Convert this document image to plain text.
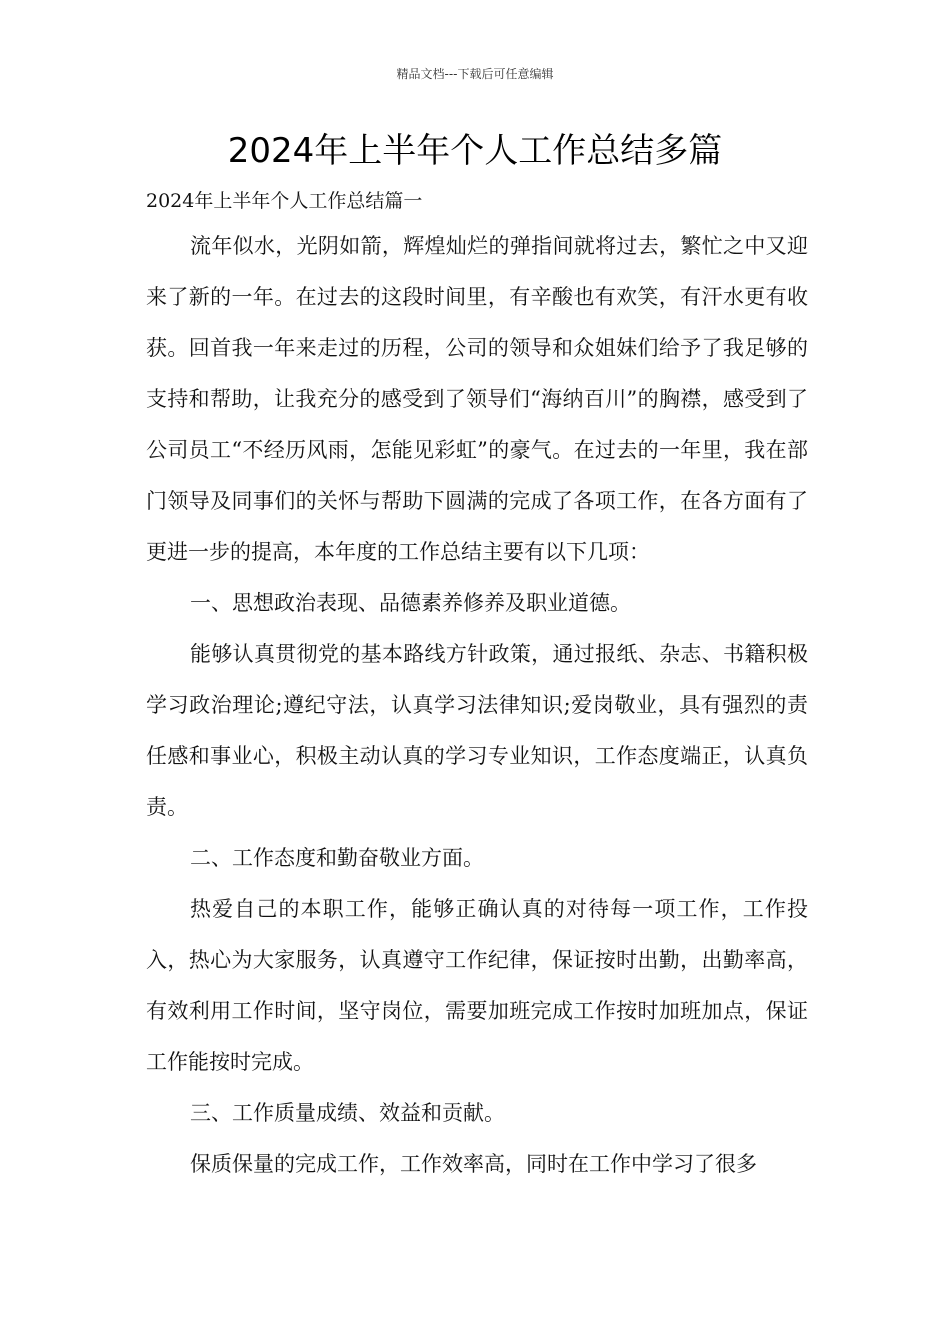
精品文档---下载后可任意编辑
2024年上半年个人工作总结多篇

2024年上半年个人工作总结篇一

流年似水，光阴如箭，辉煌灿烂的弹指间就将过去，繁忙之中又迎来了新的一年。在过去的这段时间里，有辛酸也有欢笑，有汗水更有收获。回首我一年来走过的历程，公司的领导和众姐妹们给予了我足够的支持和帮助，让我充分的感受到了领导们“海纳百川”的胸襟，感受到了公司员工“不经历风雨，怎能见彩虹”的豪气。在过去的一年里，我在部门领导及同事们的关怀与帮助下圆满的完成了各项工作，在各方面有了更进一步的提高，本年度的工作总结主要有以下几项：

一、思想政治表现、品德素养修养及职业道德。

能够认真贯彻党的基本路线方针政策，通过报纸、杂志、书籍积极学习政治理论;遵纪守法，认真学习法律知识;爱岗敬业，具有强烈的责任感和事业心，积极主动认真的学习专业知识，工作态度端正，认真负责。

二、工作态度和勤奋敬业方面。

热爱自己的本职工作，能够正确认真的对待每一项工作，工作投入，热心为大家服务，认真遵守工作纪律，保证按时出勤，出勤率高，有效利用工作时间，坚守岗位，需要加班完成工作按时加班加点，保证工作能按时完成。

三、工作质量成绩、效益和贡献。

保质保量的完成工作，工作效率高，同时在工作中学习了很多
